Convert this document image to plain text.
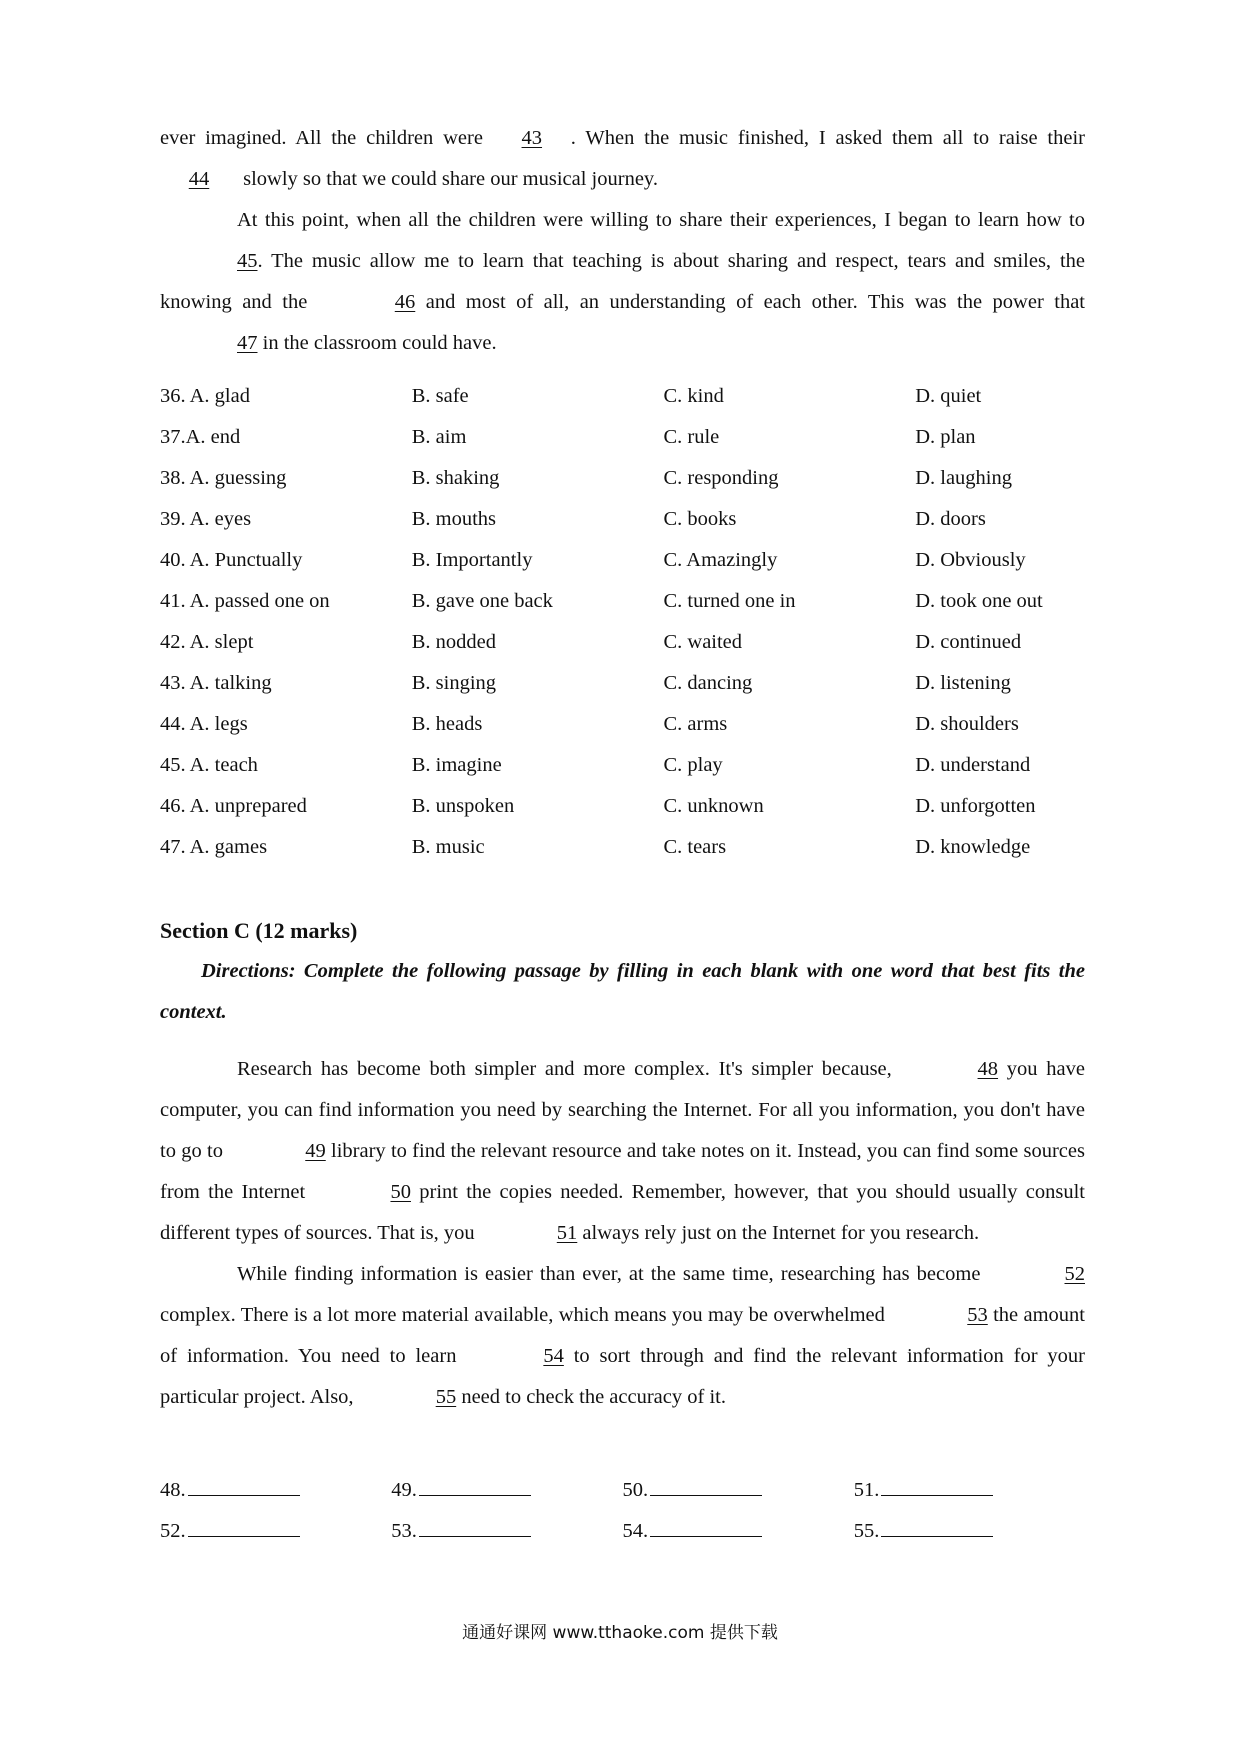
ever imagined. All the children were 43 . When the music finished, I asked them all to raise their 44 slowly so that we could share our musical journey.
At this point, when all the children were willing to share their experiences, I began to learn how to 45. The music allow me to learn that teaching is about sharing and respect, tears and smiles, the knowing and the	46 and most of all, an understanding of each other. This was the power that 47 in the classroom could have.
36. A. glad	B. safe	C. kind	D. quiet
37.A. end	B. aim	C. rule	D. plan
38. A. guessing	B. shaking	C. responding	D. laughing
39. A. eyes	B. mouths	C. books	D. doors
40. A. Punctually	B. Importantly	C. Amazingly	D. Obviously
41. A. passed one on	B. gave one back	C. turned one in	D. took one out
42. A. slept	B. nodded	C. waited	D. continued
43. A. talking	B. singing	C. dancing	D. listening
44. A. legs	B. heads	C. arms	D. shoulders
45. A. teach	B. imagine	C. play	D. understand
46. A. unprepared	B. unspoken	C. unknown	D. unforgotten
47. A. games	B. music	C. tears	D. knowledge
Section C (12 marks)
Directions: Complete the following passage by filling in each blank with one word that best fits the context.
Research has become both simpler and more complex. It's simpler because,	48 you have computer, you can find information you need by searching the Internet. For all you information, you don't have to go to	49 library to find the relevant resource and take notes on it. Instead, you can find some sources from the Internet	50 print the copies needed. Remember, however, that you should usually consult different types of sources. That is, you	51 always rely just on the Internet for you research.
While finding information is easier than ever, at the same time, researching has become	52 complex. There is a lot more material available, which means you may be overwhelmed	53 the amount of information. You need to learn	54 to sort through and find the relevant information for your particular project. Also,	55 need to check the accuracy of it.
48.	49.	50.	51.
52.	53.	54.	55.
通通好课网 www.tthaoke.com 提供下载
